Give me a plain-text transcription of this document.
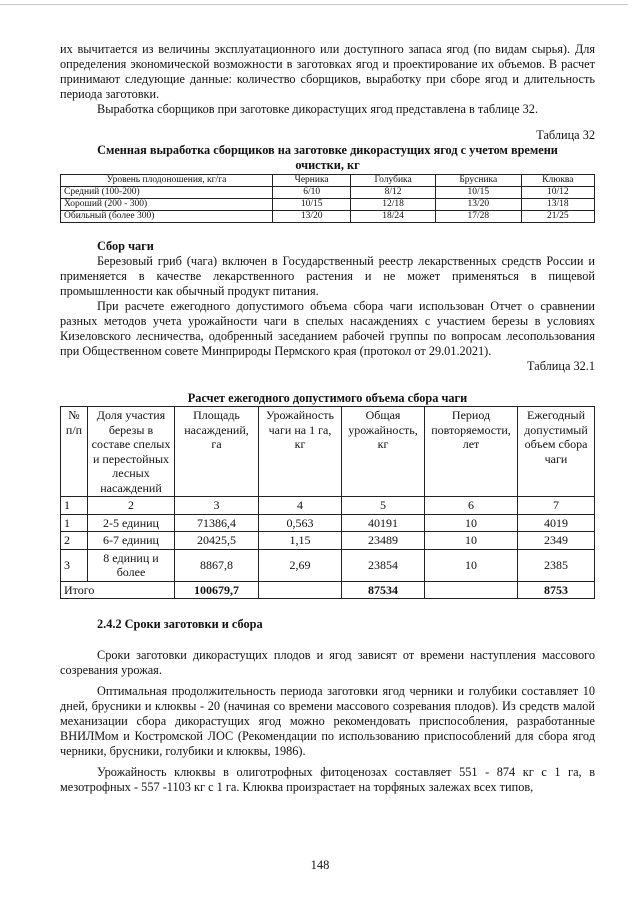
их вычитается из величины эксплуатационного или доступного запаса ягод (по видам сырья). Для определения экономической возможности в заготовках ягод и проектирование их объемов. В расчет принимают следующие данные: количество сборщиков, выработку при сборе ягод и длительность периода заготовки.

Выработка сборщиков при заготовке дикорастущих ягод представлена в таблице 32.

Таблица 32

Сменная выработка сборщиков на заготовке дикорастущих ягод с учетом времени очистки, кг

Уровень плодоношения, кг/га	Черника	Голубика	Брусника	Клюква
Средний (100-200)	6/10	8/12	10/15	10/12
Хороший (200 - 300)	10/15	12/18	13/20	13/18
Обильный (более 300)	13/20	18/24	17/28	21/25

Сбор чаги

Березовый гриб (чага) включен в Государственный реестр лекарственных средств России и применяется в качестве лекарственного растения и не может применяться в пищевой промышленности как обычный продукт питания.

При расчете ежегодного допустимого объема сбора чаги использован Отчет о сравнении разных методов учета урожайности чаги в спелых насаждениях с участием березы в условиях Кизеловского лесничества, одобренный заседанием рабочей группы по вопросам лесопользования при Общественном совете Минприроды Пермского края (протокол от 29.01.2021).

Таблица 32.1

Расчет ежегодного допустимого объема сбора чаги

№ п/п	Доля участия березы в составе спелых и перестойных лесных насаждений	Площадь насаждений, га	Урожайность чаги на 1 га, кг	Общая урожайность, кг	Период повторяемости, лет	Ежегодный допустимый объем сбора чаги
1	2	3	4	5	6	7
1	2-5 единиц	71386,4	0,563	40191	10	4019
2	6-7 единиц	20425,5	1,15	23489	10	2349
3	8 единиц и более	8867,8	2,69	23854	10	2385
Итого		100679,7		87534		8753

2.4.2 Сроки заготовки и сбора

Сроки заготовки дикорастущих плодов и ягод зависят от времени наступления массового созревания урожая.

Оптимальная продолжительность периода заготовки ягод черники и голубики составляет 10 дней, брусники и клюквы - 20 (начиная со времени массового созревания плодов). Из средств малой механизации сбора дикорастущих ягод можно рекомендовать приспособления, разработанные ВНИЛМом и Костромской ЛОС (Рекомендации по использованию приспособлений для сбора ягод черники, брусники, голубики и клюквы, 1986).

Урожайность клюквы в олиготрофных фитоценозах составляет 551 - 874 кг с 1 га, в мезотрофных - 557 -1103 кг с 1 га. Клюква произрастает на торфяных залежах всех типов,

148
